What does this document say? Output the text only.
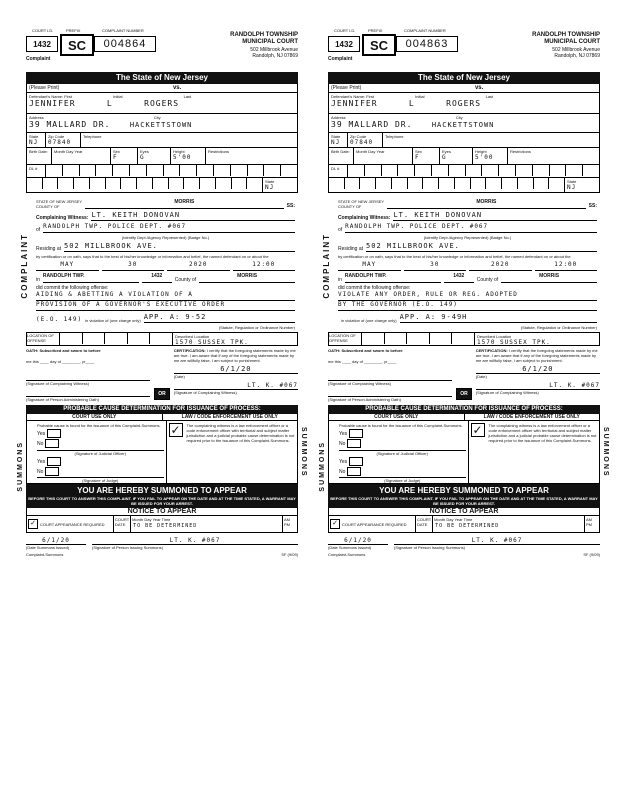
COURT I.D.	PREFIX	COMPLAINT NUMBER
1432	SC	004864
RANDOLPH TOWNSHIP
MUNICIPAL COURT
502 Millbrook Avenue
Randolph, NJ 07869
Complaint
The State of New Jersey
(Please Print)	vs.
Defendant's Name: First	Initial	Last
JENNIFER	L	ROGERS
Address	City
39 MALLARD DR.	HACKETTSTOWN
State
NJ
Zip Code
07840
Telephone
Birth Date: Month Day Year	Sex
F
Eyes
G
Height
5'00
Restrictions
DL #
State
NJ
COMPLAINT
STATE OF NEW JERSEY
COUNTY OF
MORRIS
SS:
Complaining Witness: LT. KEITH DONOVAN
of RANDOLPH TWP. POLICE DEPT. #067
(Identify Dept./Agency Represented) (Badge No.)
Residing at 502 MILLBROOK AVE.
by certification or on oath, says that to the best of his/her knowledge or information and belief, the named defendant on or about the
MAY	30	2020	12:00
in
RANDOLPH TWP.	1432
County of
MORRIS
did commit the following offense:
AIDING & ABETTING A VIOLATION OF A
PROVISION OF A GOVERNOR'S EXECUTIVE ORDER
(E.O. 149) in violation of (one charge only) APP. A: 9-52
(Statute, Regulation or Ordinance Number)
LOCATION OF OFFENSE
Described Location
1570 SUSSEX TPK.
OATH: Subscribed and sworn to before
me this ____ day of ________, yr____
(Signature of Complaining Witness)
(Signature of Person Administering Oath)
OR
CERTIFICATION: I certify that the foregoing statements made by me are true. I am aware that if any of the foregoing statements made by me are willfully false, I am subject to punishment.
6/1/20
(Date)
LT. K. #067
(Signature of Complaining Witness)
PROBABLE CAUSE DETERMINATION FOR ISSUANCE OF PROCESS:
COURT USE ONLY	LAW / CODE ENFORCEMENT USE ONLY
SUMMONS
Probable cause is found for the issuance of this Complaint-Summons.
Yes
No
(Signature of Judicial Officer)
Yes
No
(Signature of Judge)
✓	The complaining witness is a law enforcement officer or a code enforcement officer with territorial and subject matter jurisdiction and a judicial probable cause determination is not required prior to the issuance of this Complaint-Summons.	SUMMONS
YOU ARE HEREBY SUMMONED TO APPEAR
BEFORE THIS COURT TO ANSWER THIS COMPLAINT. IF YOU FAIL TO APPEAR ON THE DATE AND AT THE TIME STATED, A WARRANT MAY BE ISSUED FOR YOUR ARREST.
NOTICE TO APPEAR
✓	COURT APPEARANCE REQUIRED
COURT DATE
Month Day Year Time
TO BE DETERMINED
AM PM
6/1/20
(Date Summons Issued)
LT. K. #067
(Signature of Person Issuing Summons)
Complaint-Summons	SF (9/09)
COURT I.D.	PREFIX	COMPLAINT NUMBER
1432	SC	004863
RANDOLPH TOWNSHIP
MUNICIPAL COURT
502 Millbrook Avenue
Randolph, NJ 07869
Complaint
The State of New Jersey
(Please Print)	vs.
Defendant's Name: First	Initial	Last
JENNIFER	L	ROGERS
Address	City
39 MALLARD DR.	HACKETTSTOWN
State
NJ
Zip Code
07840
Telephone
Birth Date: Month Day Year	Sex
F
Eyes
G
Height
5'00
Restrictions
DL #
State
NJ
COMPLAINT
STATE OF NEW JERSEY
COUNTY OF
MORRIS
SS:
Complaining Witness: LT. KEITH DONOVAN
of RANDOLPH TWP. POLICE DEPT. #067
(Identify Dept./Agency Represented) (Badge No.)
Residing at 502 MILLBROOK AVE.
by certification or on oath, says that to the best of his/her knowledge or information and belief, the named defendant on or about the
MAY	30	2020	12:00
in
RANDOLPH TWP.	1432
County of
MORRIS
did commit the following offense:
VIOLATE ANY ORDER, RULE OR REG. ADOPTED
BY THE GOVERNOR (E.O. 149)
in violation of (one charge only) APP. A: 9-49H
(Statute, Regulation or Ordinance Number)
LOCATION OF OFFENSE
Described Location
1570 SUSSEX TPK.
OATH: Subscribed and sworn to before
me this ____ day of ________, yr____
(Signature of Complaining Witness)
(Signature of Person Administering Oath)
OR
CERTIFICATION: I certify that the foregoing statements made by me are true. I am aware that if any of the foregoing statements made by me are willfully false, I am subject to punishment.
6/1/20
(Date)
LT. K. #067
(Signature of Complaining Witness)
PROBABLE CAUSE DETERMINATION FOR ISSUANCE OF PROCESS:
COURT USE ONLY	LAW / CODE ENFORCEMENT USE ONLY
SUMMONS
Probable cause is found for the issuance of this Complaint-Summons.
Yes
No
(Signature of Judicial Officer)
Yes
No
(Signature of Judge)
✓	The complaining witness is a law enforcement officer or a code enforcement officer with territorial and subject matter jurisdiction and a judicial probable cause determination is not required prior to the issuance of this Complaint-Summons.	SUMMONS
YOU ARE HEREBY SUMMONED TO APPEAR
BEFORE THIS COURT TO ANSWER THIS COMPLAINT. IF YOU FAIL TO APPEAR ON THE DATE AND AT THE TIME STATED, A WARRANT MAY BE ISSUED FOR YOUR ARREST.
NOTICE TO APPEAR
✓	COURT APPEARANCE REQUIRED
COURT DATE
Month Day Year Time
TO BE DETERMINED
AM PM
6/1/20
(Date Summons Issued)
LT. K. #067
(Signature of Person Issuing Summons)
Complaint-Summons	SF (9/09)
